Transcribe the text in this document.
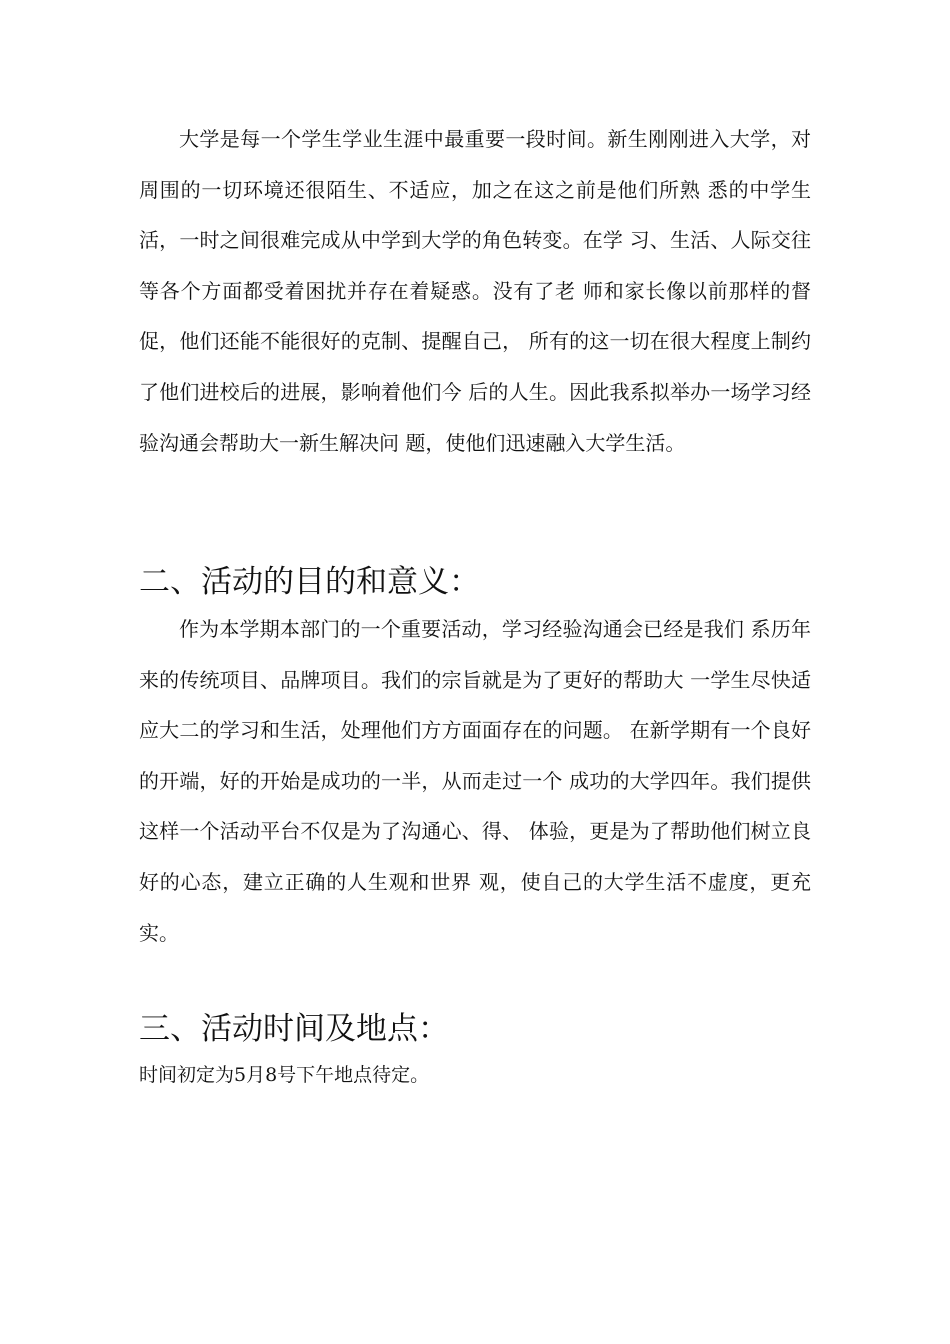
大学是每一个学生学业生涯中最重要一段时间。新生刚刚进入大学，对周围的一切环境还很陌生、不适应，加之在这之前是他们所熟 悉的中学生活，一时之间很难完成从中学到大学的角色转变。在学 习、生活、人际交往等各个方面都受着困扰并存在着疑惑。没有了老 师和家长像以前那样的督促，他们还能不能很好的克制、提醒自己， 所有的这一切在很大程度上制约了他们进校后的进展，影响着他们今 后的人生。因此我系拟举办一场学习经验沟通会帮助大一新生解决问 题，使他们迅速融入大学生活。

二、活动的目的和意义：

作为本学期本部门的一个重要活动，学习经验沟通会已经是我们 系历年来的传统项目、品牌项目。我们的宗旨就是为了更好的帮助大 一学生尽快适应大二的学习和生活，处理他们方方面面存在的问题。 在新学期有一个良好的开端，好的开始是成功的一半，从而走过一个 成功的大学四年。我们提供这样一个活动平台不仅是为了沟通心、得、 体验，更是为了帮助他们树立良好的心态，建立正确的人生观和世界 观，使自己的大学生活不虚度，更充实。

三、活动时间及地点：

时间初定为5月8号下午地点待定。
